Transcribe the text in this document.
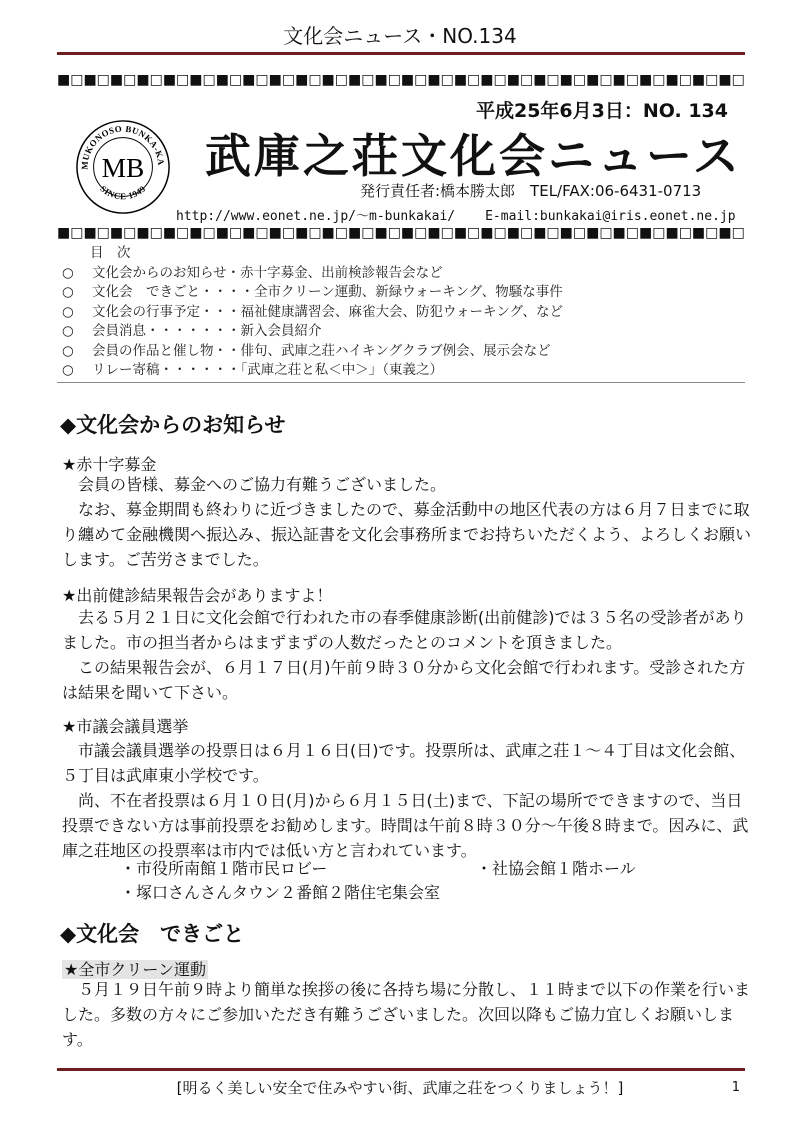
文化会ニュース・NO.134
■□■□■□■□■□■□■□■□■□■□■□■□■□■□■□■□■□■□■□■□■□■□■□■□■□■□
平成25年6月3日：NO. 134
MUKONOSO BUNKA-KA
SINCE 1949
MB 武庫之荘文化会ニュース
発行責任者:橋本勝太郎　TEL/FAX:06-6431-0713
http://www.eonet.ne.jp/～m-bunkakai/ E-mail:bunkakai@iris.eonet.ne.jp
■□■□■□■□■□■□■□■□■□■□■□■□■□■□■□■□■□■□■□■□■□■□■□■□■□■□
目　次
○ 文化会からのお知らせ・赤十字募金、出前検診報告会など
○ 文化会　できごと・・・・全市クリーン運動、新緑ウォーキング、物騒な事件
○ 文化会の行事予定・・・福祉健康講習会、麻雀大会、防犯ウォーキング、など
○ 会員消息・・・・・・・新入会員紹介
○ 会員の作品と催し物・・俳句、武庫之荘ハイキングクラブ例会、展示会など
○ リレー寄稿・・・・・・「武庫之荘と私＜中＞」（東義之）
◆文化会からのお知らせ
★赤十字募金
会員の皆様、募金へのご協力有難うございました。
なお、募金期間も終わりに近づきましたので、募金活動中の地区代表の方は６月７日までに取り纏めて金融機関へ振込み、振込証書を文化会事務所までお持ちいただくよう、よろしくお願いします。ご苦労さまでした。
★出前健診結果報告会がありますよ！
去る５月２１日に文化会館で行われた市の春季健康診断(出前健診)では３５名の受診者がありました。市の担当者からはまずまずの人数だったとのコメントを頂きました。
この結果報告会が、６月１７日(月)午前９時３０分から文化会館で行われます。受診された方は結果を聞いて下さい。
★市議会議員選挙
市議会議員選挙の投票日は６月１６日(日)です。投票所は、武庫之荘１〜４丁目は文化会館、５丁目は武庫東小学校です。
尚、不在者投票は６月１０日(月)から６月１５日(土)まで、下記の場所でできますので、当日投票できない方は事前投票をお勧めします。時間は午前８時３０分〜午後８時まで。因みに、武庫之荘地区の投票率は市内では低い方と言われています。
・市役所南館１階市民ロビー	・社協会館１階ホール
・塚口さんさんタウン２番館２階住宅集会室
◆文化会　できごと
★全市クリーン運動
５月１９日午前９時より簡単な挨拶の後に各持ち場に分散し、１１時まで以下の作業を行いました。多数の方々にご参加いただき有難うございました。次回以降もご協力宜しくお願いします。
[明るく美しい安全で住みやすい街、武庫之荘をつくりましょう！]	1
